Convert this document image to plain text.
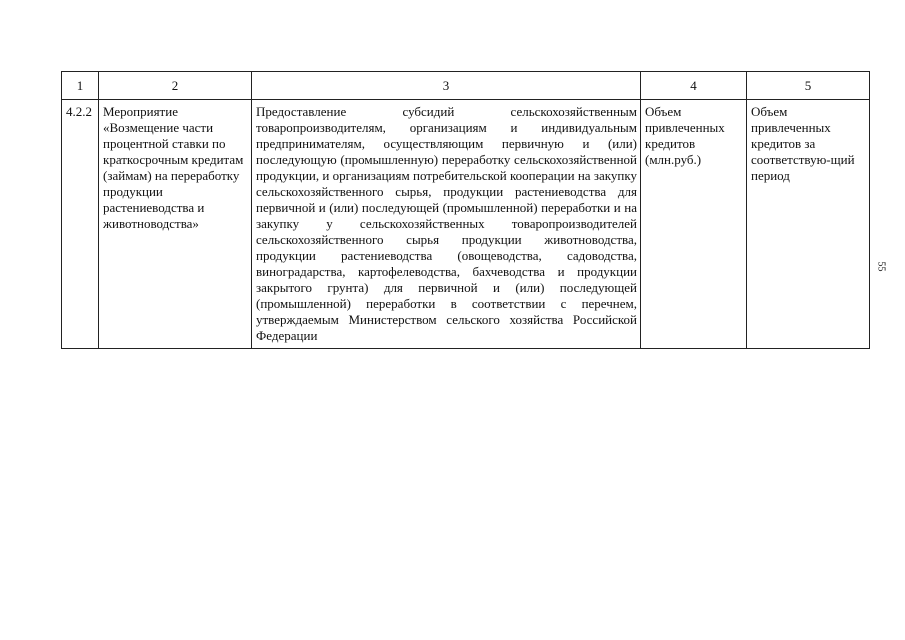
1	2	3	4	5
4.2.2	Мероприятие «Возмещение части процентной ставки по краткосрочным кредитам (займам) на переработку продукции растениеводства и животноводства»	Предоставление субсидий сельскохозяйственным товаропроизводителям, организациям и индивидуальным предпринимателям, осуществляющим первичную и (или) последующую (промышленную) переработку сельскохозяйственной продукции, и организациям потребительской кооперации на закупку сельскохозяйственного сырья, продукции растениеводства для первичной и (или) последующей (промышленной) переработки и на закупку у сельскохозяйственных товаропроизводителей сельскохозяйственного сырья продукции животноводства, продукции растениеводства (овощеводства, садоводства, виноградарства, картофелеводства, бахчеводства и продукции закрытого грунта) для первичной и (или) последующей (промышленной) переработки в соответствии с перечнем, утверждаемым Министерством сельского хозяйства Российской Федерации	Объем привлеченных кредитов (млн.руб.)	Объем привлеченных кредитов за соответствую-щий период
55
